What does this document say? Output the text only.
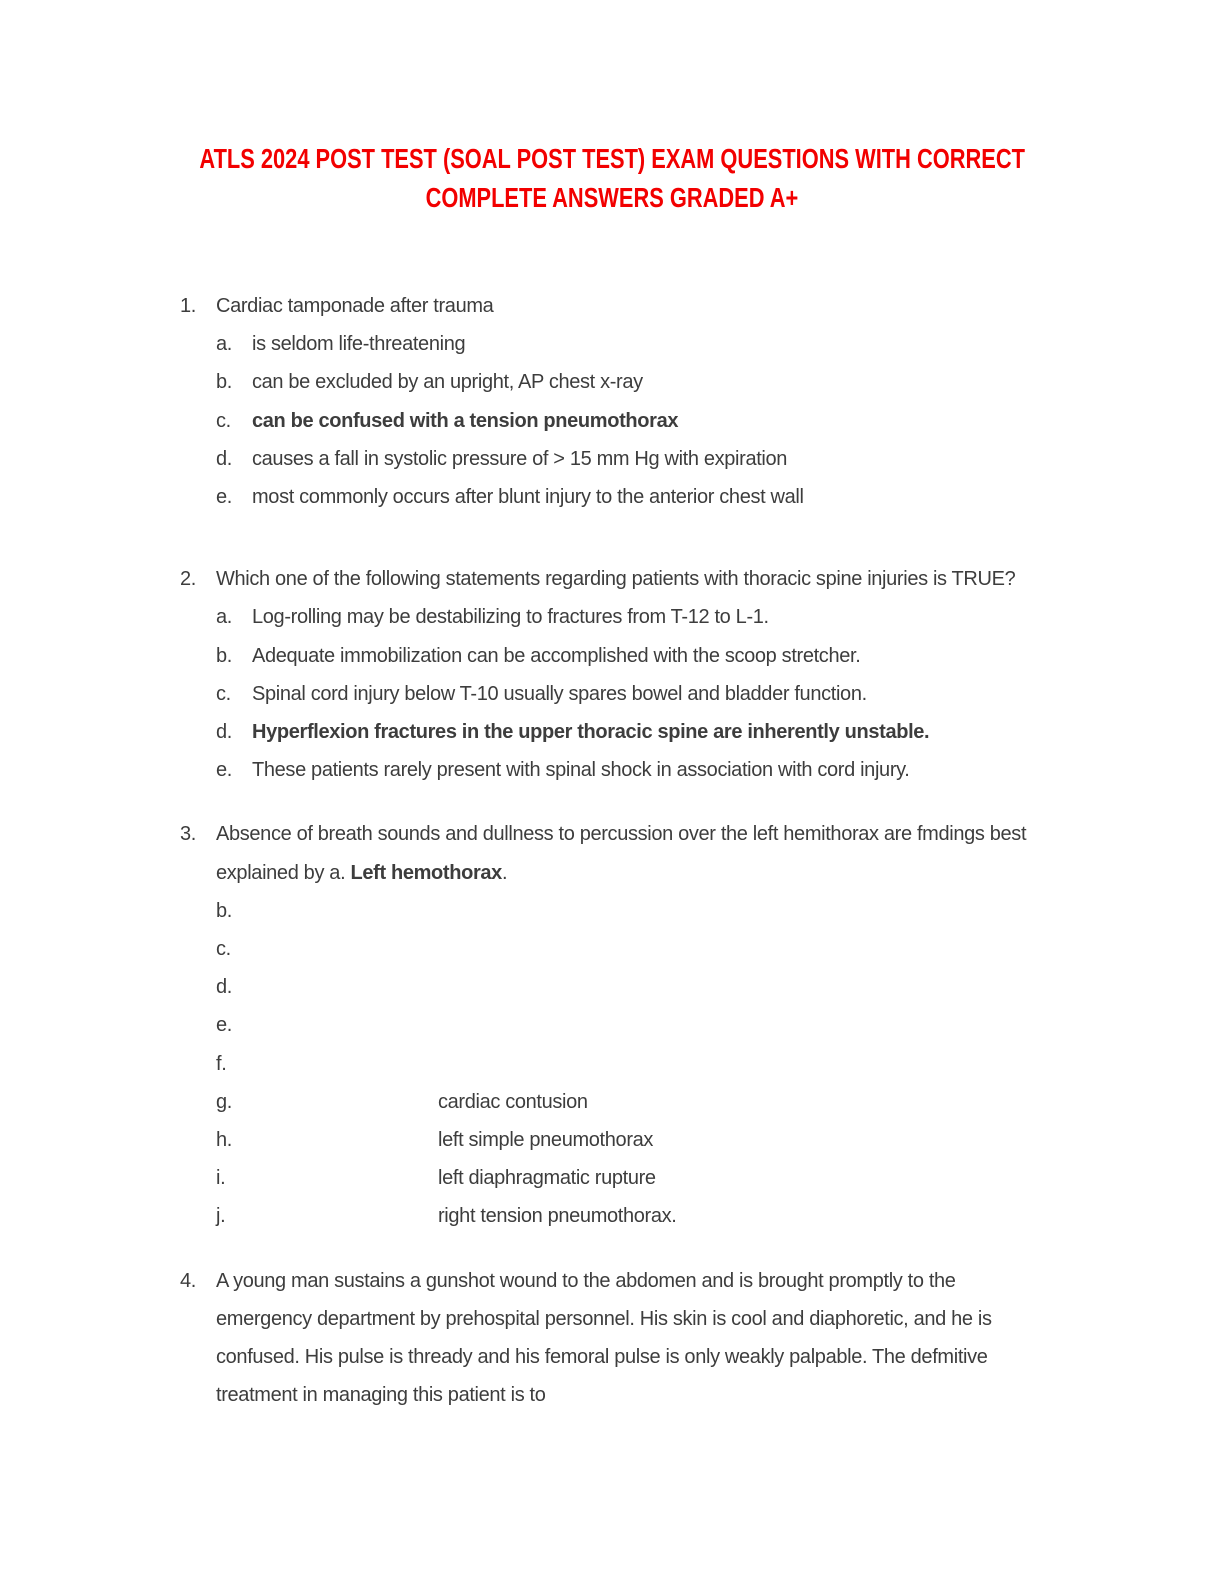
ATLS 2024 POST TEST (SOAL POST TEST) EXAM QUESTIONS WITH CORRECT
COMPLETE ANSWERS GRADED A+
1.	Cardiac tamponade after trauma
a.	is seldom life-threatening
b.	can be excluded by an upright, AP chest x-ray
c.	can be confused with a tension pneumothorax
d.	causes a fall in systolic pressure of > 15 mm Hg with expiration
e.	most commonly occurs after blunt injury to the anterior chest wall
2.	Which one of the following statements regarding patients with thoracic spine injuries is TRUE?
a.	Log-rolling may be destabilizing to fractures from T-12 to L-1.
b.	Adequate immobilization can be accomplished with the scoop stretcher.
c.	Spinal cord injury below T-10 usually spares bowel and bladder function.
d.	Hyperflexion fractures in the upper thoracic spine are inherently unstable.
e.	These patients rarely present with spinal shock in association with cord injury.
3.	Absence of breath sounds and dullness to percussion over the left hemithorax are fmdings best
explained by a. Left hemothorax.
b.
c.
d.
e.
f.
g.	cardiac contusion
h.	left simple pneumothorax
i.	left diaphragmatic rupture
j.	right tension pneumothorax.
4.	A young man sustains a gunshot wound to the abdomen and is brought promptly to the
emergency department by prehospital personnel. His skin is cool and diaphoretic, and he is
confused. His pulse is thready and his femoral pulse is only weakly palpable. The defmitive
treatment in managing this patient is to
